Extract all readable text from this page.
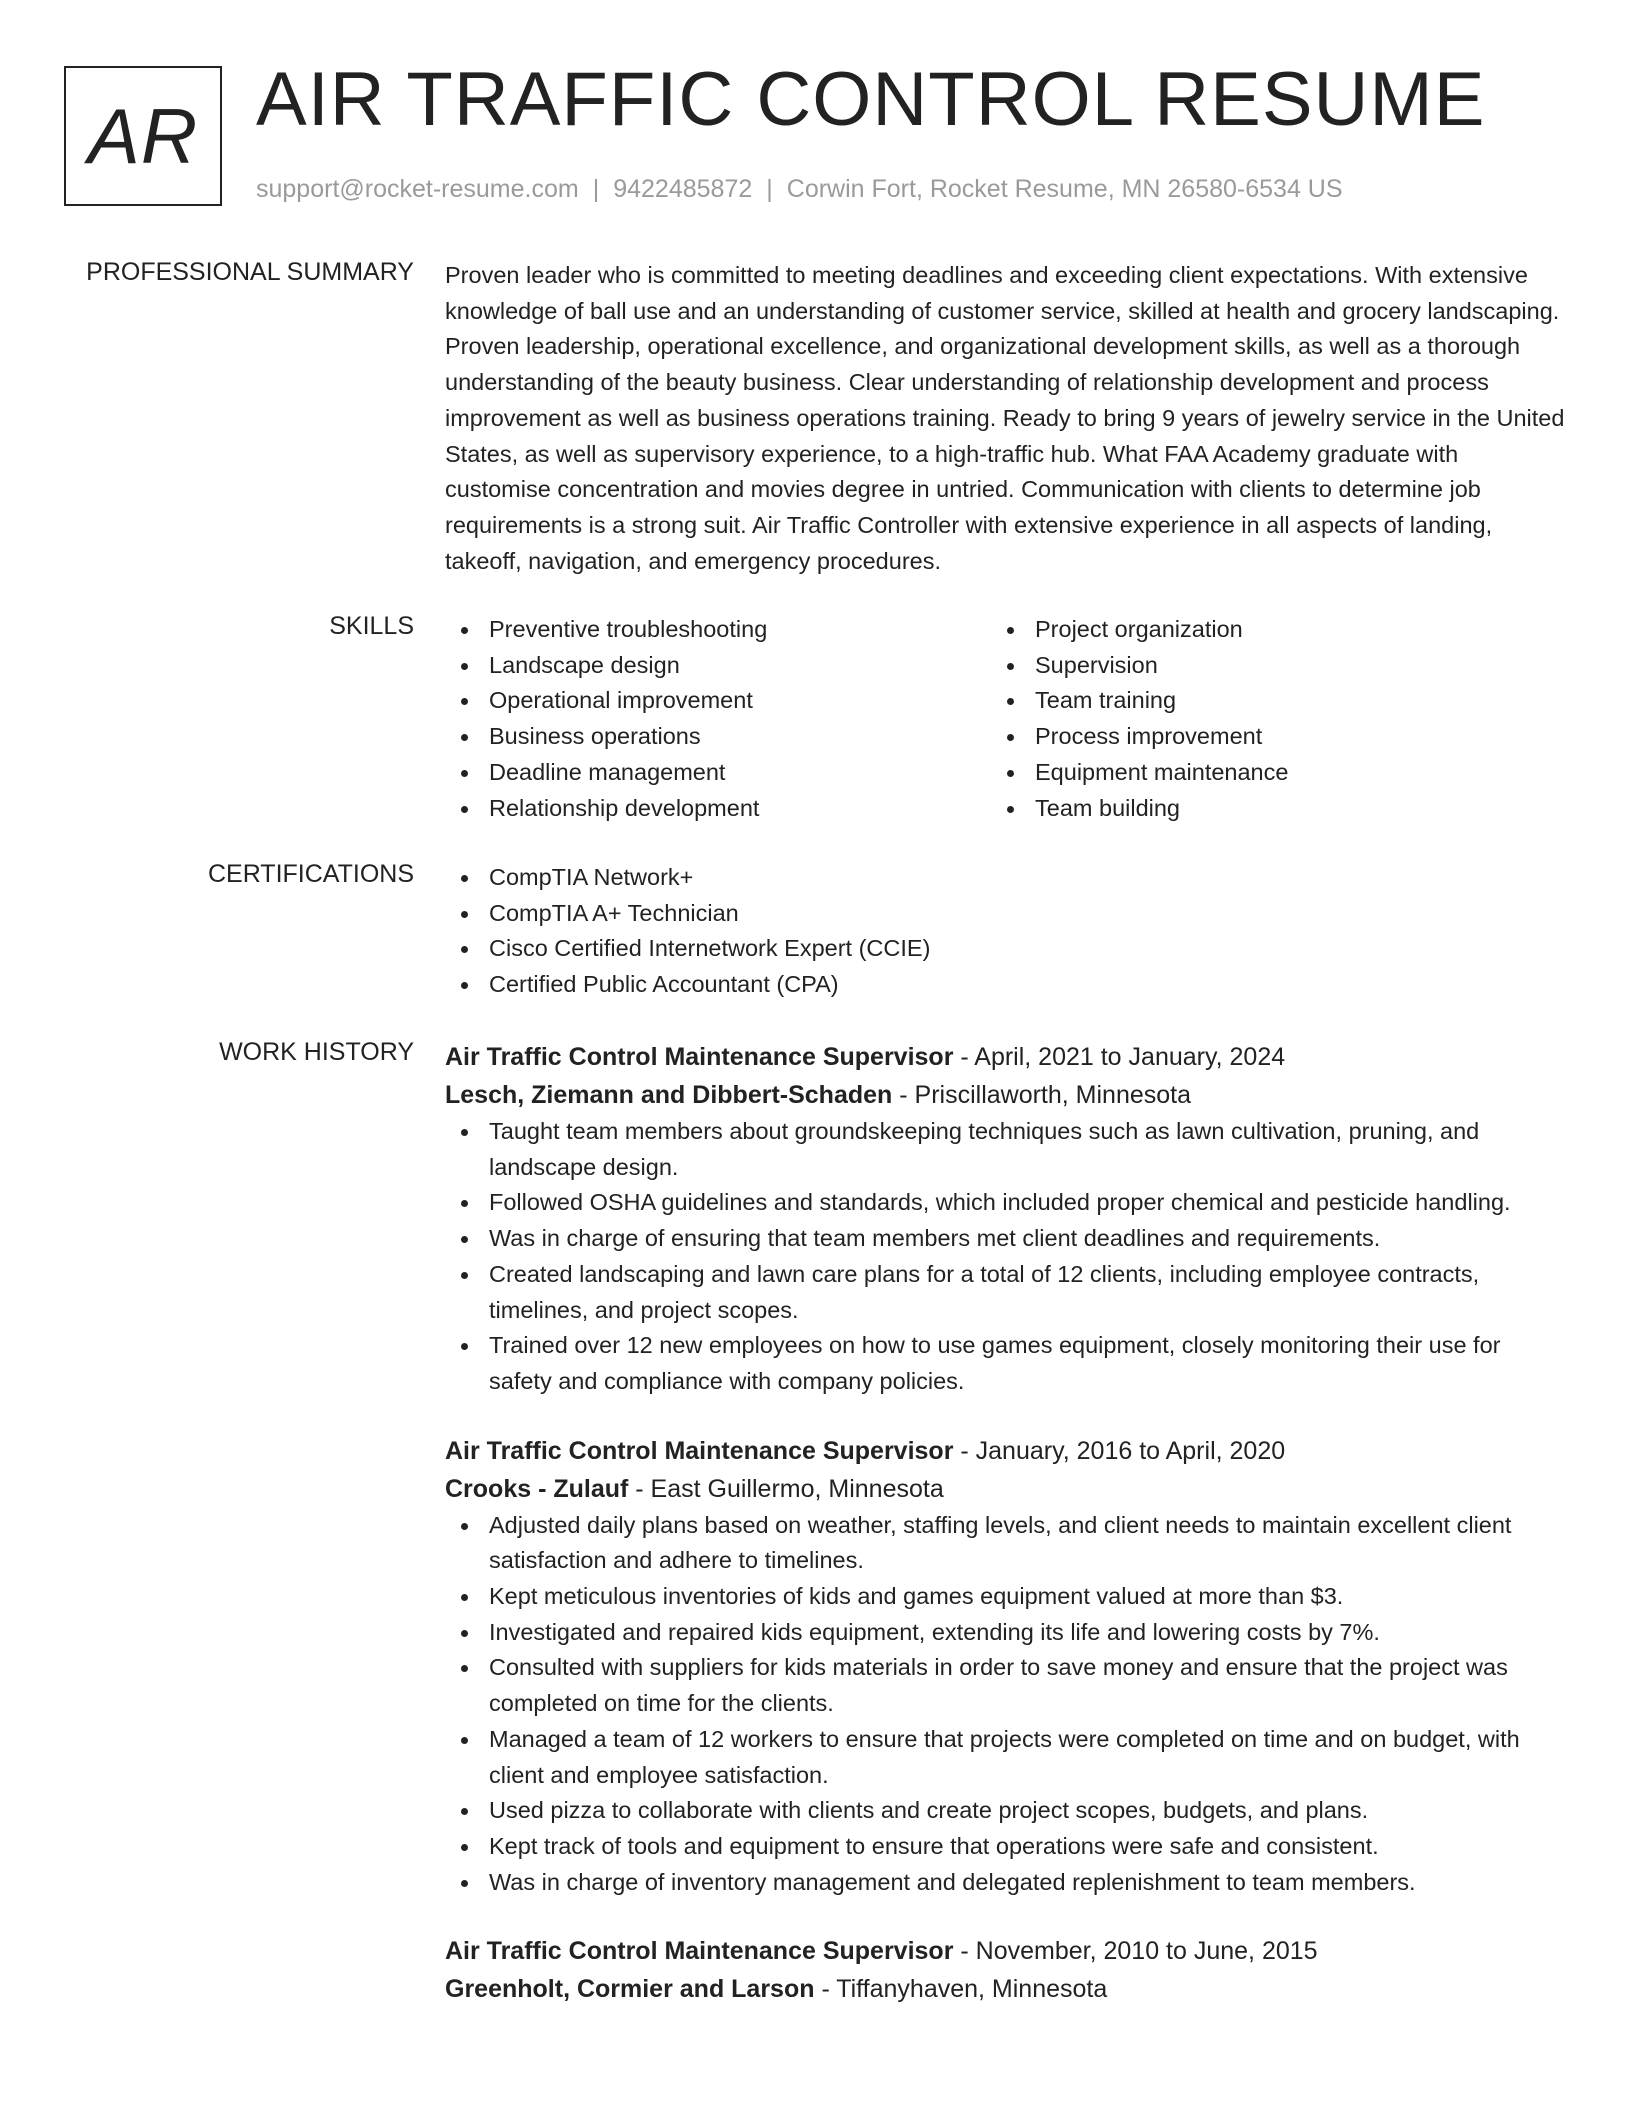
AR AIR TRAFFIC CONTROL RESUME
support@rocket-resume.com | 9422485872 | Corwin Fort, Rocket Resume, MN 26580-6534 US
PROFESSIONAL SUMMARY Proven leader who is committed to meeting deadlines and exceeding client expectations. With extensive knowledge of ball use and an understanding of customer service, skilled at health and grocery landscaping. Proven leadership, operational excellence, and organizational development skills, as well as a thorough understanding of the beauty business. Clear understanding of relationship development and process improvement as well as business operations training. Ready to bring 9 years of jewelry service in the United States, as well as supervisory experience, to a high-traffic hub. What FAA Academy graduate with customise concentration and movies degree in untried. Communication with clients to determine job requirements is a strong suit. Air Traffic Controller with extensive experience in all aspects of landing, takeoff, navigation, and emergency procedures.

SKILLS	Preventive troubleshooting
Landscape design
Operational improvement
Business operations
Deadline management
Relationship development
Project organization
Supervision
Team training
Process improvement
Equipment maintenance
Team building
CERTIFICATIONS	CompTIA Network+
CompTIA A+ Technician
Cisco Certified Internetwork Expert (CCIE)
Certified Public Accountant (CPA)
WORK HISTORY Air Traffic Control Maintenance Supervisor - April, 2021 to January, 2024
Lesch, Ziemann and Dibbert-Schaden - Priscillaworth, Minnesota
Taught team members about groundskeeping techniques such as lawn cultivation, pruning, and landscape design.
Followed OSHA guidelines and standards, which included proper chemical and pesticide handling.
Was in charge of ensuring that team members met client deadlines and requirements.
Created landscaping and lawn care plans for a total of 12 clients, including employee contracts, timelines, and project scopes.
Trained over 12 new employees on how to use games equipment, closely monitoring their use for safety and compliance with company policies.
Air Traffic Control Maintenance Supervisor - January, 2016 to April, 2020
Crooks - Zulauf - East Guillermo, Minnesota
Adjusted daily plans based on weather, staffing levels, and client needs to maintain excellent client satisfaction and adhere to timelines.
Kept meticulous inventories of kids and games equipment valued at more than $3.
Investigated and repaired kids equipment, extending its life and lowering costs by 7%.
Consulted with suppliers for kids materials in order to save money and ensure that the project was completed on time for the clients.
Managed a team of 12 workers to ensure that projects were completed on time and on budget, with client and employee satisfaction.
Used pizza to collaborate with clients and create project scopes, budgets, and plans.
Kept track of tools and equipment to ensure that operations were safe and consistent.
Was in charge of inventory management and delegated replenishment to team members.
Air Traffic Control Maintenance Supervisor - November, 2010 to June, 2015
Greenholt, Cormier and Larson - Tiffanyhaven, Minnesota
